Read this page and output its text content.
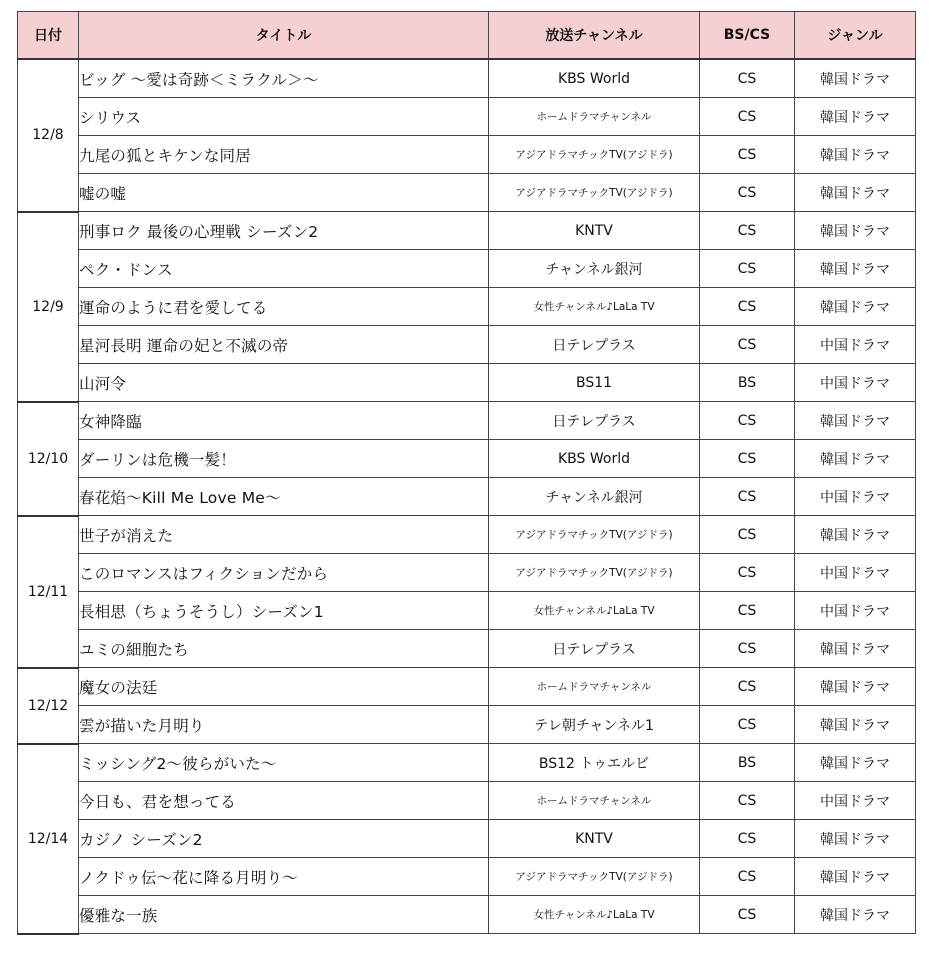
日付	タイトル	放送チャンネル	BS/CS	ジャンル
12/8	ビッグ ～愛は奇跡＜ミラクル＞～	KBS World	CS	韓国ドラマ
	シリウス	ホームドラマチャンネル	CS	韓国ドラマ
	九尾の狐とキケンな同居	アジアドラマチックTV(アジドラ)	CS	韓国ドラマ
	嘘の嘘	アジアドラマチックTV(アジドラ)	CS	韓国ドラマ
12/9	刑事ロク 最後の心理戦 シーズン2	KNTV	CS	韓国ドラマ
	ペク・ドンス	チャンネル銀河	CS	韓国ドラマ
	運命のように君を愛してる	女性チャンネル♪LaLa TV	CS	韓国ドラマ
	星河長明 運命の妃と不滅の帝	日テレプラス	CS	中国ドラマ
	山河令	BS11	BS	中国ドラマ
12/10	女神降臨	日テレプラス	CS	韓国ドラマ
	ダーリンは危機一髪！	KBS World	CS	韓国ドラマ
	春花焰～Kill Me Love Me～	チャンネル銀河	CS	中国ドラマ
12/11	世子が消えた	アジアドラマチックTV(アジドラ)	CS	韓国ドラマ
	このロマンスはフィクションだから	アジアドラマチックTV(アジドラ)	CS	中国ドラマ
	長相思（ちょうそうし）シーズン1	女性チャンネル♪LaLa TV	CS	中国ドラマ
	ユミの細胞たち	日テレプラス	CS	韓国ドラマ
12/12	魔女の法廷	ホームドラマチャンネル	CS	韓国ドラマ
	雲が描いた月明り	テレ朝チャンネル1	CS	韓国ドラマ
12/14	ミッシング2～彼らがいた～	BS12 トゥエルビ	BS	韓国ドラマ
	今日も、君を想ってる	ホームドラマチャンネル	CS	中国ドラマ
	カジノ シーズン2	KNTV	CS	韓国ドラマ
	ノクドゥ伝～花に降る月明り～	アジアドラマチックTV(アジドラ)	CS	韓国ドラマ
	優雅な一族	女性チャンネル♪LaLa TV	CS	韓国ドラマ
